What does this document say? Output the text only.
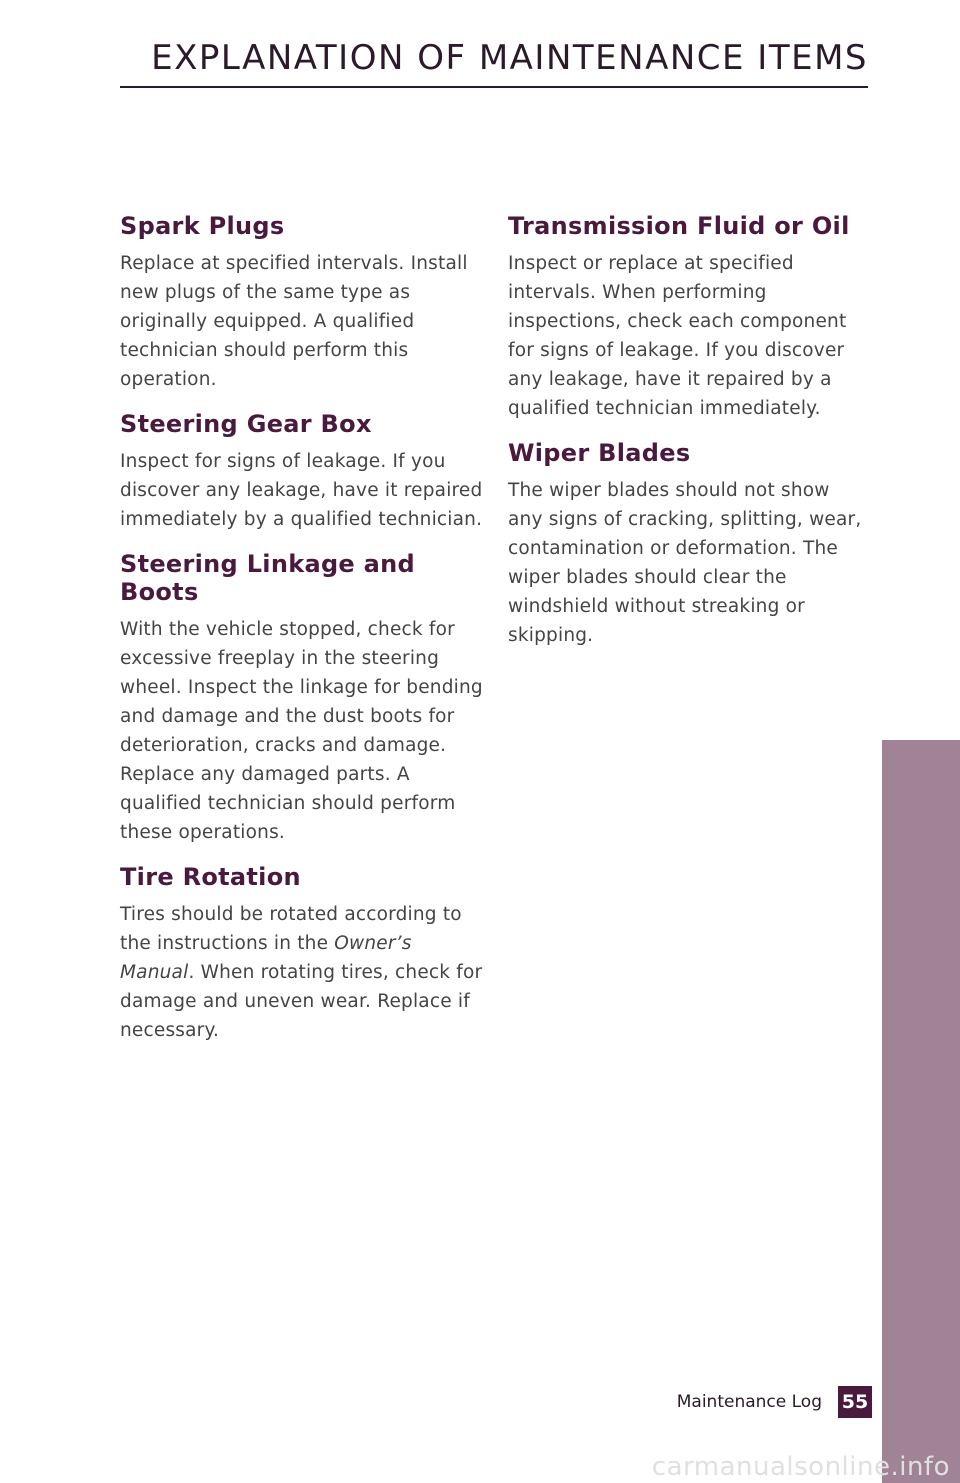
EXPLANATION OF MAINTENANCE ITEMS
Spark Plugs

Replace at specified intervals. Install new plugs of the same type as originally equipped. A qualified technician should perform this operation.

Steering Gear Box

Inspect for signs of leakage. If you discover any leakage, have it repaired immediately by a qualified technician.

Steering Linkage and Boots

With the vehicle stopped, check for excessive freeplay in the steering wheel. Inspect the linkage for bending and damage and the dust boots for deterioration, cracks and damage. Replace any damaged parts. A qualified technician should perform these operations.

Tire Rotation

Tires should be rotated according to the instructions in the Owner’s Manual. When rotating tires, check for damage and uneven wear. Replace if necessary.

Transmission Fluid or Oil

Inspect or replace at specified intervals. When performing inspections, check each component for signs of leakage. If you discover any leakage, have it repaired by a qualified technician immediately.

Wiper Blades

The wiper blades should not show any signs of cracking, splitting, wear, contamination or deformation. The wiper blades should clear the windshield without streaking or skipping.

MAINTENANCE
Maintenance Log 55
carmanualsonline.info
